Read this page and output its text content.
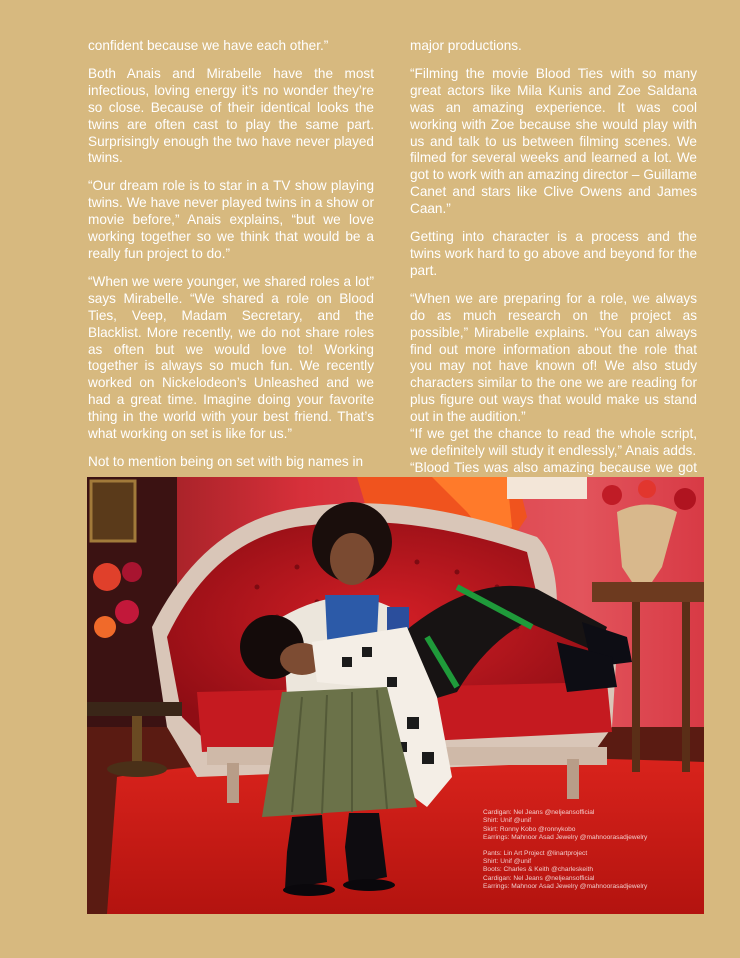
confident because we have each other.”

Both Anais and Mirabelle have the most infectious, loving energy it’s no wonder they’re so close. Because of their identical looks the twins are often cast to play the same part. Surprisingly enough the two have never played twins.

“Our dream role is to star in a TV show playing twins. We have never played twins in a show or movie before,” Anais explains, “but we love working together so we think that would be a really fun project to do.”

“When we were younger, we shared roles a lot” says Mirabelle. “We shared a role on Blood Ties, Veep, Madam Secretary, and the Blacklist. More recently, we do not share roles as often but we would love to! Working together is always so much fun. We recently worked on Nickelodeon’s Unleashed and we had a great time. Imagine doing your favorite thing in the world with your best friend. That’s what working on set is like for us.”

Not to mention being on set with big names in

major productions.

“Filming the movie Blood Ties with so many great actors like Mila Kunis and Zoe Saldana was an amazing experience. It was cool working with Zoe because she would play with us and talk to us between filming scenes. We filmed for several weeks and learned a lot. We got to work with an amazing director – Guillame Canet and stars like Clive Owens and James Caan.”

Getting into character is a process and the twins work hard to go above and beyond for the part.

“When we are preparing for a role, we always do as much research on the project as possible,” Mirabelle explains. “You can always find out more information about the role that you may not have known of! We also study characters similar to the one we are reading for plus figure out ways that would make us stand out in the audition.”

“If we get the chance to read the whole script, we definitely will study it endlessly,” Anais adds.

“Blood Ties was also amazing because we got

Cardigan: Nel Jeans @neljeansofficial
Shirt: Unif @unif
Skirt: Ronny Kobo @ronnykobo
Earrings: Mahnoor Asad Jewelry @mahnoorasadjewelry
Pants: Lin Art Project @linartproject
Shirt: Unif @unif
Boots: Charles & Keith @charleskeith
Cardigan: Nel Jeans @neljeansofficial
Earrings: Mahnoor Asad Jewelry @mahnoorasadjewelry
